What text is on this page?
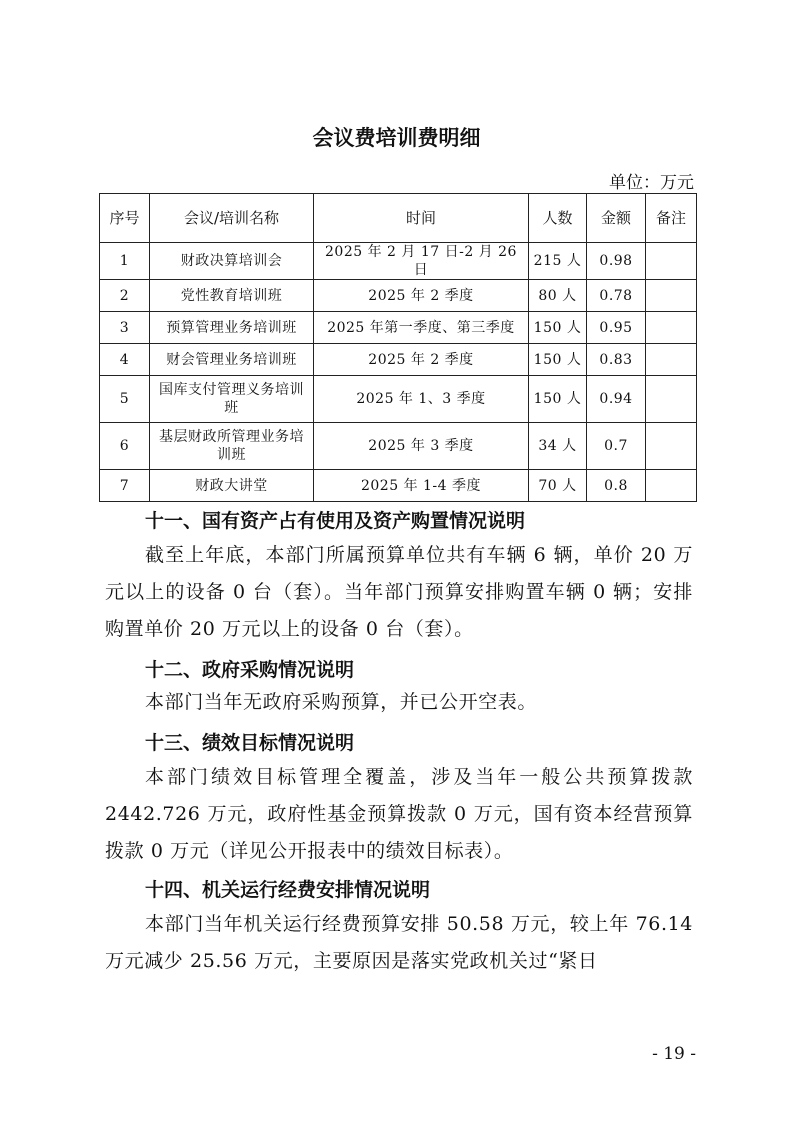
会议费培训费明细
单位：万元
序号	会议/培训名称	时间	人数	金额	备注
1	财政决算培训会	2025 年 2 月 17 日-2 月 26 日	215 人	0.98	
2	党性教育培训班	2025 年 2 季度	80 人	0.78	
3	预算管理业务培训班	2025 年第一季度、第三季度	150 人	0.95	
4	财会管理业务培训班	2025 年 2 季度	150 人	0.83	
5	国库支付管理义务培训班	2025 年 1、3 季度	150 人	0.94	
6	基层财政所管理业务培训班	2025 年 3 季度	34 人	0.7	
7	财政大讲堂	2025 年 1-4 季度	70 人	0.8	
十一、国有资产占有使用及资产购置情况说明
截至上年底，本部门所属预算单位共有车辆 6 辆，单价 20 万元以上的设备 0 台（套）。当年部门预算安排购置车辆 0 辆；安排购置单价 20 万元以上的设备 0 台（套）。
十二、政府采购情况说明
本部门当年无政府采购预算，并已公开空表。
十三、绩效目标情况说明
本部门绩效目标管理全覆盖，涉及当年一般公共预算拨款 2442.726 万元，政府性基金预算拨款 0 万元，国有资本经营预算拨款 0 万元（详见公开报表中的绩效目标表）。
十四、机关运行经费安排情况说明
本部门当年机关运行经费预算安排 50.58 万元，较上年 76.14 万元减少 25.56 万元，主要原因是落实党政机关过“紧日
- 19 -
